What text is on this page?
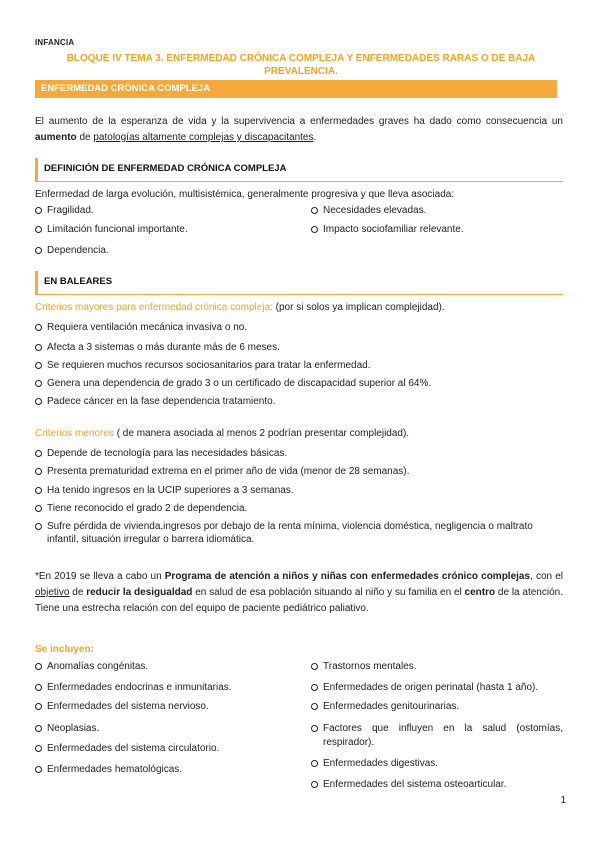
INFANCIA
BLOQUE IV TEMA 3. ENFERMEDAD CRÓNICA COMPLEJA Y ENFERMEDADES RARAS O DE BAJA PREVALENCIA.
ENFERMEDAD CRÓNICA COMPLEJA
El aumento de la esperanza de vida y la supervivencia a enfermedades graves ha dado como consecuencia un aumento de patologías altamente complejas y discapacitantes.
DEFINICIÓN DE ENFERMEDAD CRÓNICA COMPLEJA
Enfermedad de larga evolución, multisistémica, generalmente progresiva y que lleva asociada:
Fragilidad.
Limitación funcional importante.
Dependencia.
Necesidades elevadas.
Impacto sociofamiliar relevante.
EN BALEARES
Criterios mayores para enfermedad crónica compleja: (por si solos ya implican complejidad).
Requiera ventilación mecánica invasiva o no.
Afecta a 3 sistemas o más durante más de 6 meses.
Se requieren muchos recursos sociosanitarios para tratar la enfermedad.
Genera una dependencia de grado 3 o un certificado de discapacidad superior al 64%.
Padece cáncer en la fase dependencia tratamiento.
Criterios menores ( de manera asociada al menos 2 podrían presentar complejidad).
Depende de tecnología para las necesidades básicas.
Presenta prematuridad extrema en el primer año de vida (menor de 28 semanas).
Ha tenido ingresos en la UCIP superiores a 3 semanas.
Tiene reconocido el grado 2 de dependencia.
Sufre pérdida de vivienda,ingresos por debajo de la renta mínima, violencia doméstica, negligencia o maltrato infantil, situación irregular o barrera idiomática.
*En 2019 se lleva a cabo un Programa de atención a niños y niñas con enfermedades crónico complejas, con el objetivo de reducir la desigualdad en salud de esa población situando al niño y su familia en el centro de la atención. Tiene una estrecha relación con del equipo de paciente pediátrico paliativo.
Se incluyen:
Anomalías congénitas.
Enfermedades endocrinas e inmunitarias.
Enfermedades del sistema nervioso.
Neoplasias.
Enfermedades del sistema circulatorio.
Enfermedades hematológicas.
Trastornos mentales.
Enfermedades de origen perinatal (hasta 1 año).
Enfermedades genitourinarias.
Factores que influyen en la salud (ostomías, respirador).
Enfermedades digestivas.
Enfermedades del sistema osteoarticular.
1
